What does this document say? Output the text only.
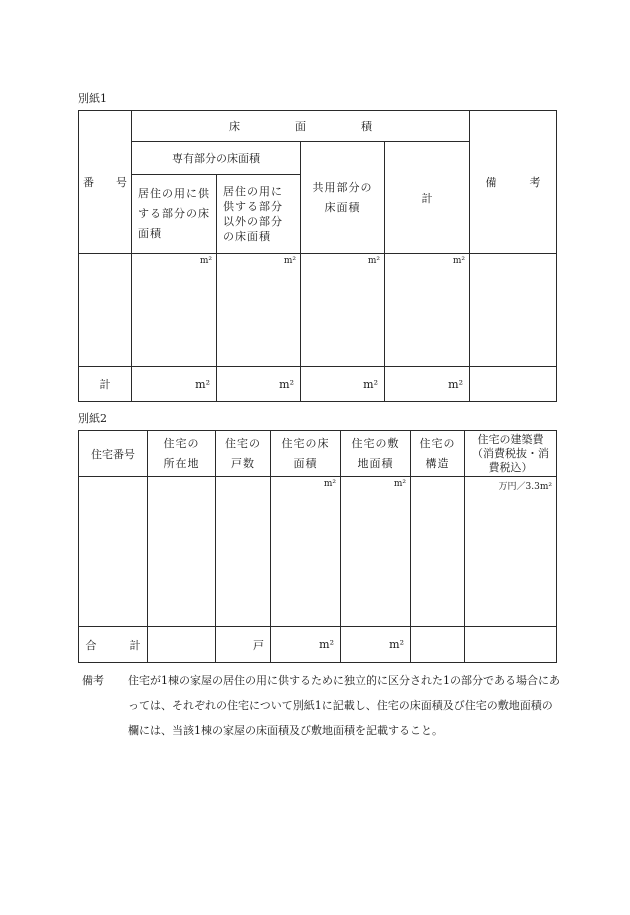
別紙1
番　　号	床　　　　　面　　　　　積				備　　　考
	専有部分の床面積		共用部分の床面積	計	

	居住の用に供する部分の床面積	居住の用に供する部分以外の部分の床面積			

	m²	m²	m²	m²	
計	m²	m²	m²	m²	
別紙2
住宅番号	住宅の所在地	住宅の戸数	住宅の床面積	住宅の敷地面積	住宅の構造	住宅の建築費（消費税抜・消費税込）

			m²	m²		万円／3.3m²
合　　　計		戸	m²	m²		
備考 住宅が1棟の家屋の居住の用に供するために独立的に区分された1の部分である場合にあっては、それぞれの住宅について別紙1に記載し、住宅の床面積及び住宅の敷地面積の欄には、当該1棟の家屋の床面積及び敷地面積を記載すること。
